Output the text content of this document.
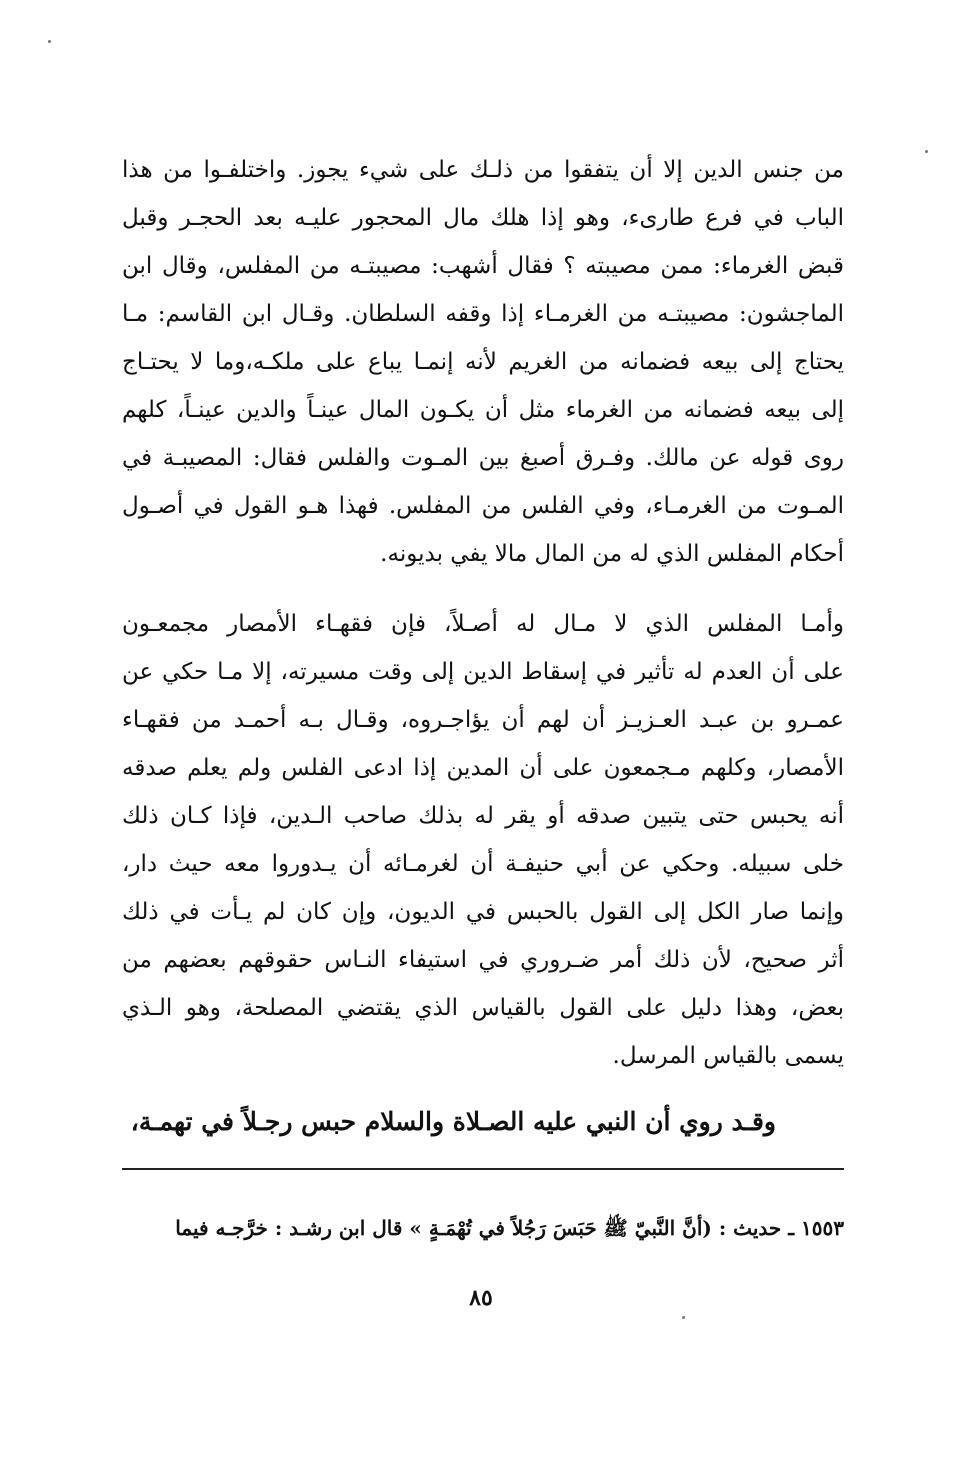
من جنس الدين إلا أن يتفقوا من ذلـك على شيء يجوز. واختلفـوا من هذا
الباب في فرع طارىء، وهو إذا هلك مال المحجور عليـه بعد الحجـر وقبل
قبض الغرماء: ممن مصيبته ؟ فقال أشهب: مصيبتـه من المفلس، وقال ابن
الماجشون: مصيبتـه من الغرمـاء إذا وقفه السلطان. وقـال ابن القاسم: مـا
يحتاج إلى بيعه فضمانه من الغريم لأنه إنمـا يباع على ملكـه،وما لا يحتـاج
إلى بيعه فضمانه من الغرماء مثل أن يكـون المال عينـاً والدين عينـاً، كلهم
روى قوله عن مالك. وفـرق أصبغ بين المـوت والفلس فقال: المصيبـة في
المـوت من الغرمـاء، وفي الفلس من المفلس. فهذا هـو القول في أصـول
أحكام المفلس الذي له من المال مالا يفي بديونه.
وأمـا المفلس الذي لا مـال له أصـلاً، فإن فقهـاء الأمصار مجمعـون
على أن العدم له تأثير في إسقاط الدين إلى وقت مسيرته، إلا مـا حكي عن
عمـرو بن عبـد العـزيـز أن لهم أن يؤاجـروه، وقـال بـه أحمـد من فقهـاء
الأمصار، وكلهم مـجمعون على أن المدين إذا ادعى الفلس ولم يعلم صدقه
أنه يحبس حتى يتبين صدقه أو يقر له بذلك صاحب الـدين، فإذا كـان ذلك
خلى سبيله. وحكي عن أبي حنيفـة أن لغرمـائه أن يـدوروا معه حيث دار،
وإنما صار الكل إلى القول بالحبس في الديون، وإن كان لم يـأت في ذلك
أثر صحيح، لأن ذلك أمر ضـروري في استيفاء النـاس حقوقهم بعضهم من
بعض، وهذا دليل على القول بالقياس الذي يقتضي المصلحة، وهو الـذي
يسمى بالقياس المرسل.
وقـد روي أن النبي عليه الصـلاة والسلام حبس رجـلاً في تهمـة،
١٥٥٣ ـ حديث : (أنَّ النَّبيّ ﷺ حَبَسَ رَجُلاً في تُهْمَـةٍ » قال ابن رشـد : خرَّجـه فيما
٨٥
